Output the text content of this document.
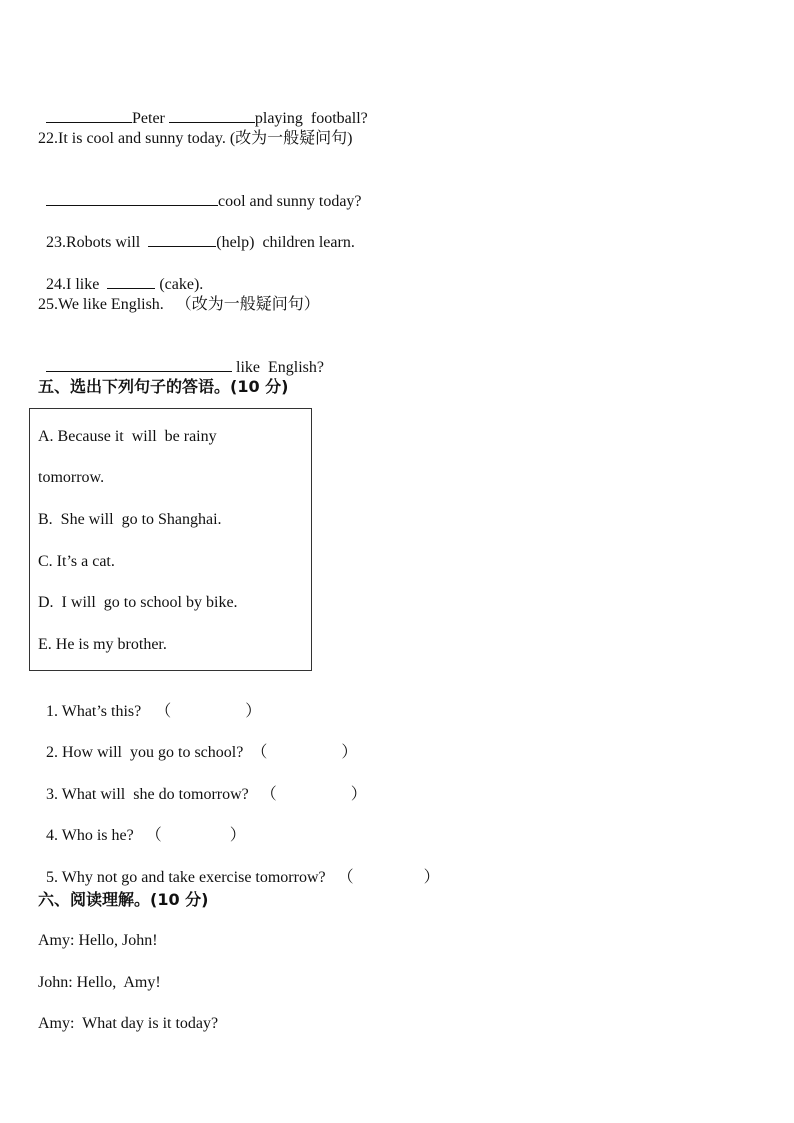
Peter	playing  football?

22.It is cool and sunny today. (改为一般疑问句)

cool and sunny today?

23.Robots will	(help)  children learn.

24.I like	(cake).

25.We like English.   （改为一般疑问句）

like  English?

五、选出下列句子的答语。(10 分)
A. Because it  will  be rainy
tomorrow.
B.  She will  go to Shanghai.
C. It’s a cat.
D.  I will  go to school by bike.
E. He is my brother.

1. What’s this? （	）

2. How will  you go to school? （	）

3. What will  she do tomorrow? （	）

4. Who is he? （	）

5. Why not go and take exercise tomorrow? （	）

六、阅读理解。(10 分)
Amy: Hello, John!
John: Hello,  Amy!
Amy:  What day is it today?
